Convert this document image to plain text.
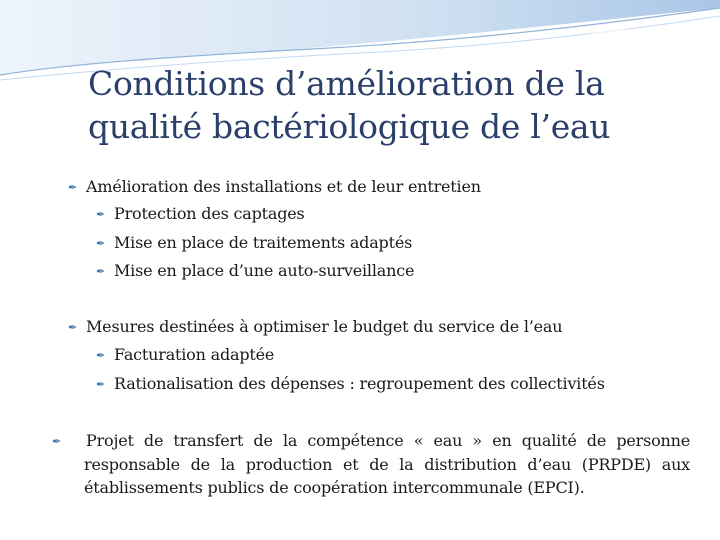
Conditions d’amélioration de la
qualité bactériologique de l’eau
✒ Amélioration des installations et de leur entretien
✒ Protection des captages
✒ Mise en place de traitements adaptés
✒ Mise en place d’une auto-surveillance
✒ Mesures destinées à optimiser le budget du service de l’eau
✒ Facturation adaptée
✒ Rationalisation des dépenses : regroupement des collectivités
✒ Projet de transfert de la compétence « eau » en qualité de personne responsable de la production et de la distribution d’eau (PRPDE) aux établissements publics de coopération intercommunale (EPCI).
